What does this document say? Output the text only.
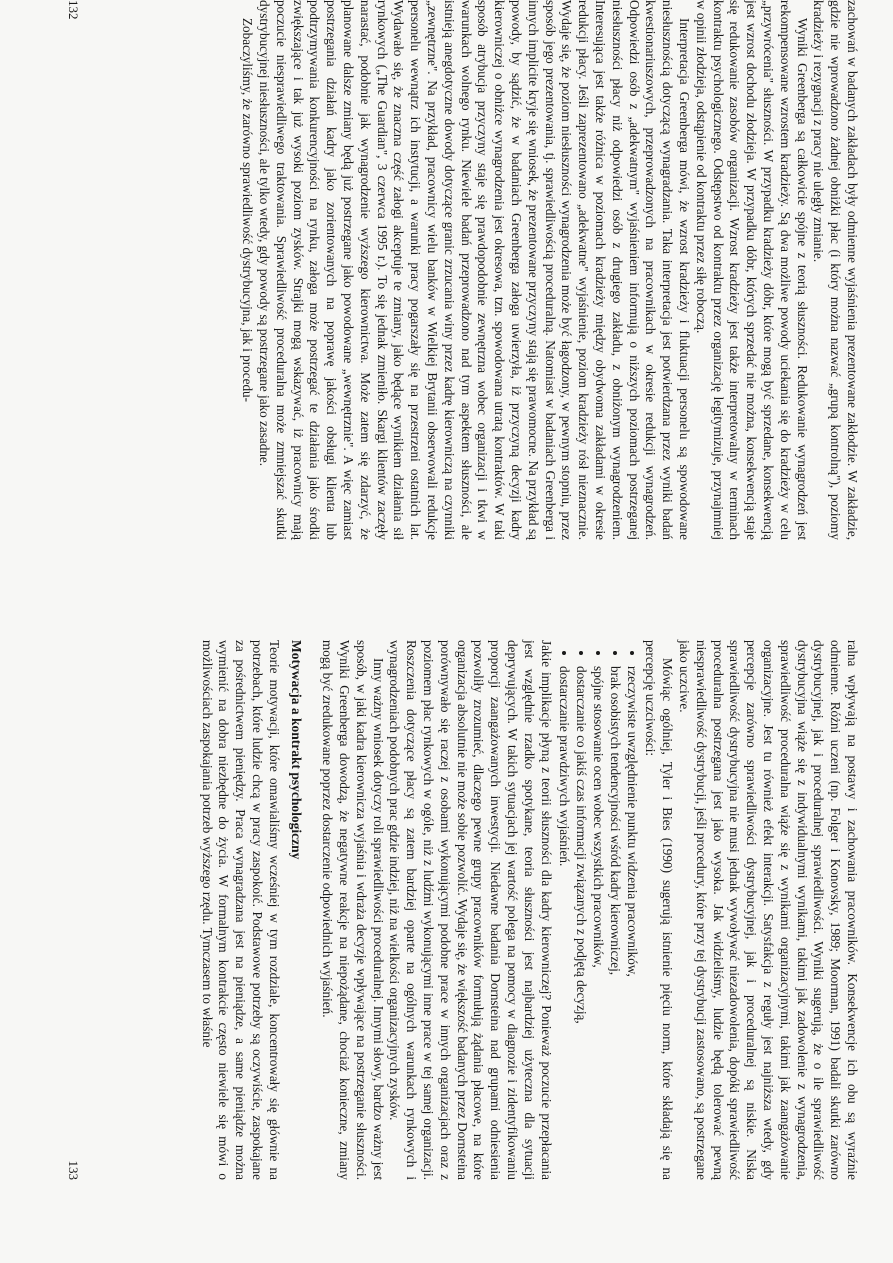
zachowań w badanych zakładach były odmienne wyjaśnienia prezentowane zakłodzie. W zakładzie, gdzie nie wprowadzono żadnej obniżki płac (i który można nazwać „grupą kontrolną"), poziomy kradzieży i rezygnacji z pracy nie uległy zmianie.

Wyniki Greenberga są całkowicie spójne z teorią słuszności. Redukowanie wynagrodzeń jest rekompensowane wzrostem kradzieży. Są dwa możliwe powody uciekania się do kradzieży w celu „przywrócenia" słuszności. W przypadku kradzieży dóbr, które mogą być sprzedane, konsekwencją jest wzrost dochodu złodzieja. W przypadku dóbr, których sprzedać nie można, konsekwencją staje się redukowanie zasobów organizacji. Wzrost kradzieży jest także interpretowalny w terminach kontraktu psychologicznego. Odstępstwo od kontraktu przez organizację legitymizuje, przynajmniej w opinii złodzieja, odstąpienie od kontraktu przez siłę roboczą.

Interpretacja Greenberga mówi, że wzrost kradzieży i fluktuacji personelu są spowodowane niesłusznością dotyczącą wynagradzania. Taka interpretacja jest potwierdzana przez wyniki badań kwestionariuszowych, przeprowadzonych na pracownikach w okresie redukcji wynagrodzeń. Odpowiedzi osób z „adekwatnym" wyjaśnieniem informują o niższych poziomach postrzeganej niesłuszności płacy niż odpowiedzi osób z drugiego zakładu, z obniżonym wynagrodzeniem. Interesująca jest także różnica w poziomach kradzieży między obydwoma zakładami w okresie redukcji płacy. Jeśli zaprezentowano „adekwatne" wyjaśnienie, poziom kradzieży rósł nieznacznie. Wydaje się, że poziom niesłuszności wynagrodzenia może być łagodzony, w pewnym stopniu, przez sposób jego prezentowania, tj. sprawiedliwością proceduralną. Natomiast w badaniach Greenberga i innych implicite kryje się wniosek, że prezentowane przyczyny stają się prawomocne. Na przykład są powody, by sądzić, że w badaniach Greenberga załoga uwierzyła, iż przyczyną decyzji kadry kierowniczej o obniżce wynagrodzenia jest okresowa, tzn. spowodowana utratą kontraktów. W taki sposób atrybucja przyczyny staje się prawdopodobnie zewnętrzna wobec organizacji i tkwi w warunkach wolnego rynku. Niewiele badań przeprowadzono nad tym aspektem słuszności, ale istnieją anegdotyczne dowody dotyczące granic zrzucania winy przez kadrę kierowniczą na czynniki „zewnętrzne". Na przykład, pracownicy wielu banków w Wielkiej Brytanii obserwowali redukcje personelu wewnątrz ich instytucji, a warunki pracy pogarszały się na przestrzeni ostatnich lat. Wydawało się, że znaczna część załogi akceptuje te zmiany, jako będące wynikiem działania sił rynkowych („The Guardian", 3 czerwca 1995 r.). To się jednak zmieniło. Skargi klientów zaczęły narastać, podobnie jak wynagrodzenie wyższego kierownictwa. Może zatem się zdarzyć, że planowane dalsze zmiany będą już postrzegane jako powodowane „wewnętrznie". A więc zamiast postrzegania działań kadry jako zorientowanych na poprawę jakości obsługi klienta lub podtrzymywania konkurencyjności na rynku, załoga może postrzegać te działania jako środki zwiększające i tak już wysoki poziom zysków. Strajki mogą wskazywać, iż pracownicy mają poczucie niesprawiedliwego traktowania. Sprawiedliwość proceduralna może zmniejszać skutki dystrybucyjnej niesłuszności, ale tylko wtedy, gdy powody są postrzegane jako zasadne.

Zobaczyliśmy, że zarówno sprawiedliwość dystrybucyjna, jak i procedu-

132

ralna wpływają na postawy i zachowania pracowników. Konsekwencje ich obu są wyraźnie odmienne. Różni uczeni (np. Folger i Konovsky, 1989; Moorman, 1991) badali skutki zarówno dystrybucyjnej, jak i proceduralnej sprawiedliwości. Wyniki sugerują, że o ile sprawiedliwość dystrybucyjna wiąże się z indywidualnymi wynikami, takimi jak zadowolenie z wynagrodzenia, sprawiedliwość proceduralna wiąże się z wynikami organizacyjnymi, takimi jak zaangażowanie organizacyjne. Jest tu również efekt interakcji. Satysfakcja z reguły jest najniższa wtedy, gdy percepcje zarówno sprawiedliwości dystrybucyjnej, jak i proceduralnej są niskie. Niska sprawiedliwość dystrybucyjna nie musi jednak wywoływać niezadowolenia, dopóki sprawiedliwość proceduralna postrzegana jest jako wysoka. Jak widzieliśmy, ludzie będą tolerować pewną niesprawiedliwość dystrybucji, jeśli procedury, które przy tej dystrybucji zastosowano, są postrzegane jako uczciwe.

Mówiąc ogólniej, Tyler i Bies (1990) sugerują istnienie pięciu norm, które składają się na percepcję uczciwości:

• rzeczywiste uwzględnienie punktu widzenia pracowników,
• brak osobistych tendencyjności wśród kadry kierowniczej,
• spójne stosowanie ocen wobec wszystkich pracowników,
• dostarczanie co jakiś czas informacji związanych z podjętą decyzją,
• dostarczanie prawdziwych wyjaśnień.

Jakie implikacje płyną z teorii słuszności dla kadry kierowniczej? Ponieważ poczucie przepłacania jest względnie rzadko spotykane, teoria słuszności jest najbardziej użyteczna dla sytuacji deprywujących. W takich sytuacjach jej wartość polega na pomocy w diagnozie i zidentyfikowaniu proporcji zaangażowanych inwestycji. Niedawne badania Dornsteina nad grupami odniesienia pozwoliły zrozumieć, dlaczego pewne grupy pracowników formułują żądania płacowe, na które organizacja absolutnie nie może sobie pozwolić. Wydaje się, że większość badanych przez Dornsteina porównywało się raczej z osobami wykonującymi podobne prace w innych organizacjach oraz z poziomem płac rynkowych w ogóle, niż z ludźmi wykonującymi inne prace w tej samej organizacji. Roszczenia dotyczące płacy są zatem bardziej oparte na ogólnych warunkach rynkowych i wynagrodzeniach podobnych prac gdzie indziej, niż na wielkości organizacyjnych zysków.

Inny ważny wniosek dotyczy roli sprawiedliwości proceduralnej. Innymi słowy, bardzo ważny jest sposób, w jaki kadra kierownicza wyjaśnia i wdraża decyzje wpływające na postrzeganie słuszności. Wyniki Greenberga dowodzą, że negatywne reakcje na niepożądane, chociaż konieczne, zmiany mogą być zredukowane poprzez dostarczenie odpowiednich wyjaśnień.

Motywacja a kontrakt psychologiczny

Teorie motywacji, które omawialiśmy wcześniej w tym rozdziale, koncentrowały się głównie na potrzebach, które ludzie chcą w pracy zaspokoić. Podstawowe potrzeby są oczywiście, zaspokajane za pośrednictwem pieniędzy. Praca wynagradzana jest na pieniądze, a same pieniądze można wymienić na dobra niezbędne do życia. W formalnym kontrakcie często niewiele się mówi o możliwościach zaspokajania potrzeb wyższego rzędu. Tymczasem to właśnie

133
